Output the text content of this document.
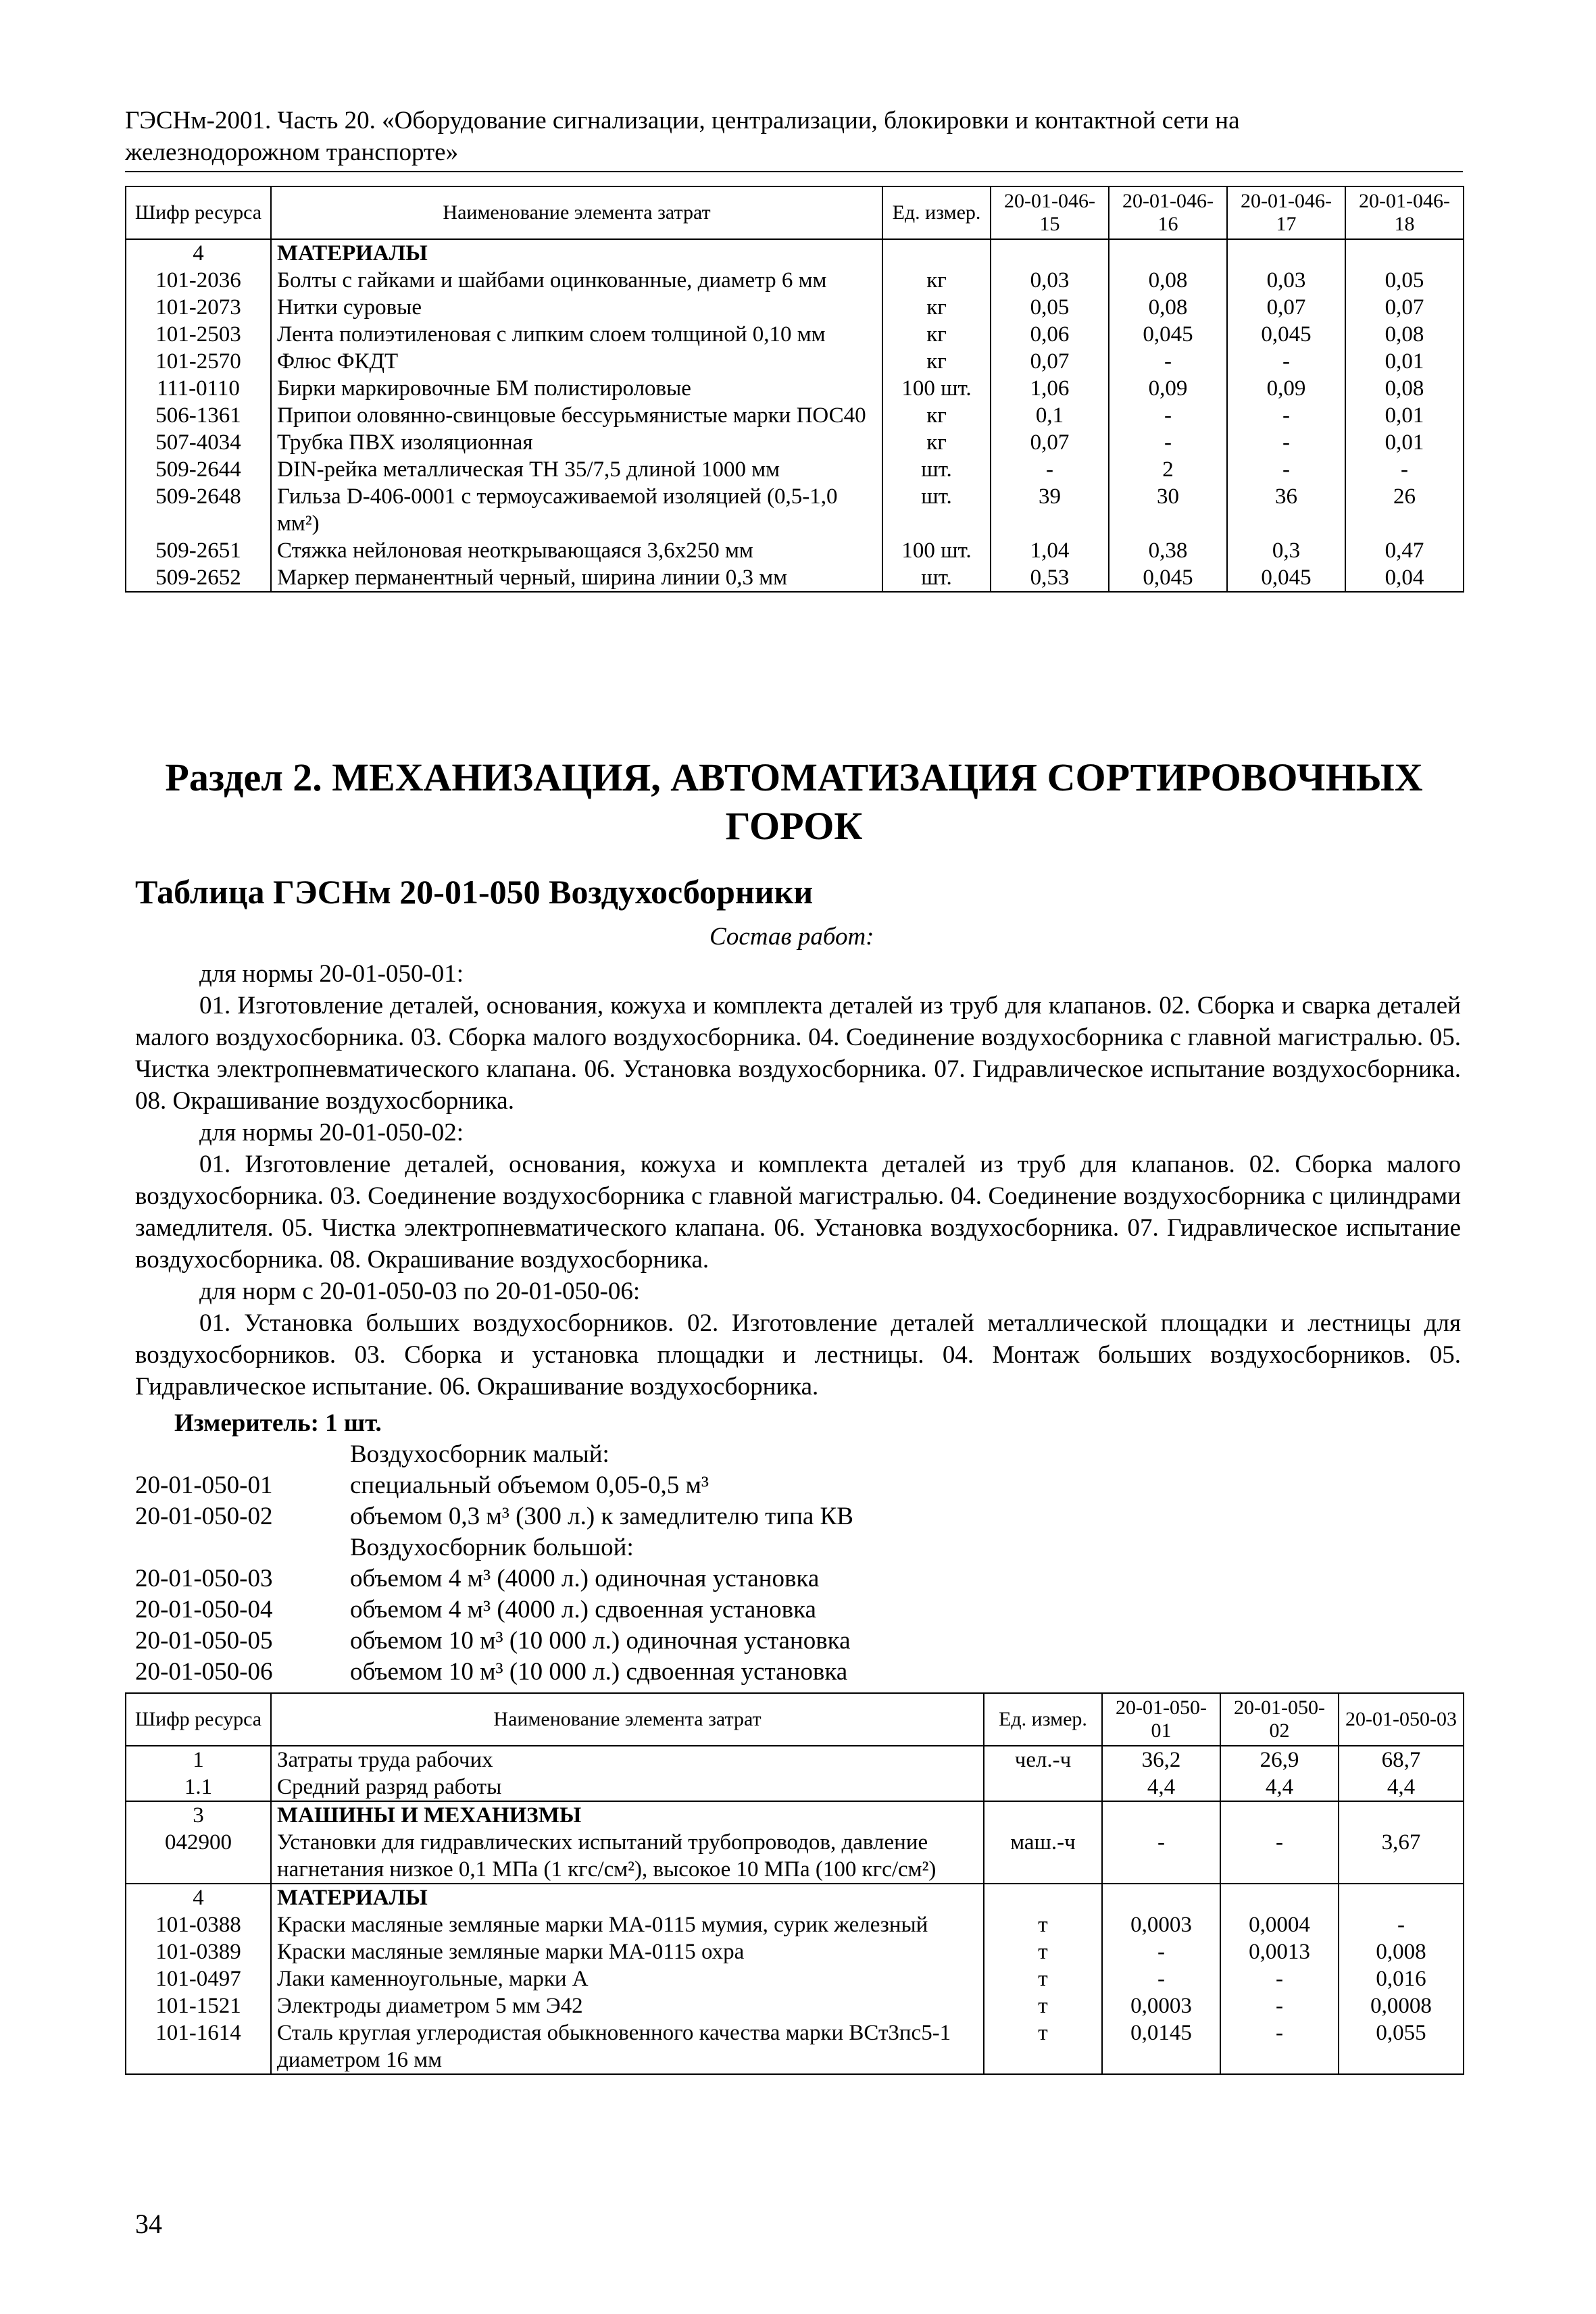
ГЭСНм-2001. Часть 20. «Оборудование сигнализации, централизации, блокировки и контактной сети на
железнодорожном транспорте»
Шифр ресурса	Наименование элемента затрат	Ед. измер.	20-01-046-15	20-01-046-16	20-01-046-17	20-01-046-18
4	МАТЕРИАЛЫ					
101-2036	Болты с гайками и шайбами оцинкованные, диаметр 6 мм	кг	0,03	0,08	0,03	0,05
101-2073	Нитки суровые	кг	0,05	0,08	0,07	0,07
101-2503	Лента полиэтиленовая с липким слоем толщиной 0,10 мм	кг	0,06	0,045	0,045	0,08
101-2570	Флюс ФКДТ	кг	0,07	-	-	0,01
111-0110	Бирки маркировочные БМ полистироловые	100 шт.	1,06	0,09	0,09	0,08
506-1361	Припои оловянно-свинцовые бессурьмянистые марки ПОС40	кг	0,1	-	-	0,01
507-4034	Трубка ПВХ изоляционная	кг	0,07	-	-	0,01
509-2644	DIN-рейка металлическая ТН 35/7,5 длиной 1000 мм	шт.	-	2	-	-
509-2648	Гильза D-406-0001 с термоусаживаемой изоляцией (0,5-1,0 мм²)	шт.	39	30	36	26
509-2651	Стяжка нейлоновая неоткрывающаяся 3,6х250 мм	100 шт.	1,04	0,38	0,3	0,47
509-2652	Маркер перманентный черный, ширина линии 0,3 мм	шт.	0,53	0,045	0,045	0,04
Раздел 2. МЕХАНИЗАЦИЯ, АВТОМАТИЗАЦИЯ СОРТИРОВОЧНЫХ ГОРОК
Таблица ГЭСНм 20-01-050 Воздухосборники
Состав работ:

для нормы 20-01-050-01:

01. Изготовление деталей, основания, кожуха и комплекта деталей из труб для клапанов. 02. Сборка и сварка деталей малого воздухосборника. 03. Сборка малого воздухосборника. 04. Соединение воздухосборника с главной магистралью. 05. Чистка электропневматического клапана. 06. Установка воздухосборника. 07. Гидравлическое испытание воздухосборника. 08. Окрашивание воздухосборника.

для нормы 20-01-050-02:

01. Изготовление деталей, основания, кожуха и комплекта деталей из труб для клапанов. 02. Сборка малого воздухосборника. 03. Соединение воздухосборника с главной магистралью. 04. Соединение воздухосборника с цилиндрами замедлителя. 05. Чистка электропневматического клапана. 06. Установка воздухосборника. 07. Гидравлическое испытание воздухосборника. 08. Окрашивание воздухосборника.

для норм с 20-01-050-03 по 20-01-050-06:

01. Установка больших воздухосборников. 02. Изготовление деталей металлической площадки и лестницы для воздухосборников. 03. Сборка и установка площадки и лестницы. 04. Монтаж больших воздухосборников. 05. Гидравлическое испытание. 06. Окрашивание воздухосборника.

Измеритель: 1 шт.
Воздухосборник малый:
20-01-050-01	специальный объемом 0,05-0,5 м³
20-01-050-02	объемом 0,3 м³ (300 л.) к замедлителю типа КВ
Воздухосборник большой:
20-01-050-03	объемом 4 м³ (4000 л.) одиночная установка
20-01-050-04	объемом 4 м³ (4000 л.) сдвоенная установка
20-01-050-05	объемом 10 м³ (10 000 л.) одиночная установка
20-01-050-06	объемом 10 м³ (10 000 л.) сдвоенная установка
Шифр ресурса	Наименование элемента затрат	Ед. измер.	20-01-050-01	20-01-050-02	20-01-050-03
1	Затраты труда рабочих	чел.-ч	36,2	26,9	68,7
1.1	Средний разряд работы		4,4	4,4	4,4
3	МАШИНЫ И МЕХАНИЗМЫ				
042900	Установки для гидравлических испытаний трубопроводов, давление нагнетания низкое 0,1 МПа (1 кгс/см²), высокое 10 МПа (100 кгс/см²)	маш.-ч	-	-	3,67
4	МАТЕРИАЛЫ				
101-0388	Краски масляные земляные марки МА-0115 мумия, сурик железный	т	0,0003	0,0004	-
101-0389	Краски масляные земляные марки МА-0115 охра	т	-	0,0013	0,008
101-0497	Лаки каменноугольные, марки А	т	-	-	0,016
101-1521	Электроды диаметром 5 мм Э42	т	0,0003	-	0,0008
101-1614	Сталь круглая углеродистая обыкновенного качества марки ВСт3пс5-1 диаметром 16 мм	т	0,0145	-	0,055
34
